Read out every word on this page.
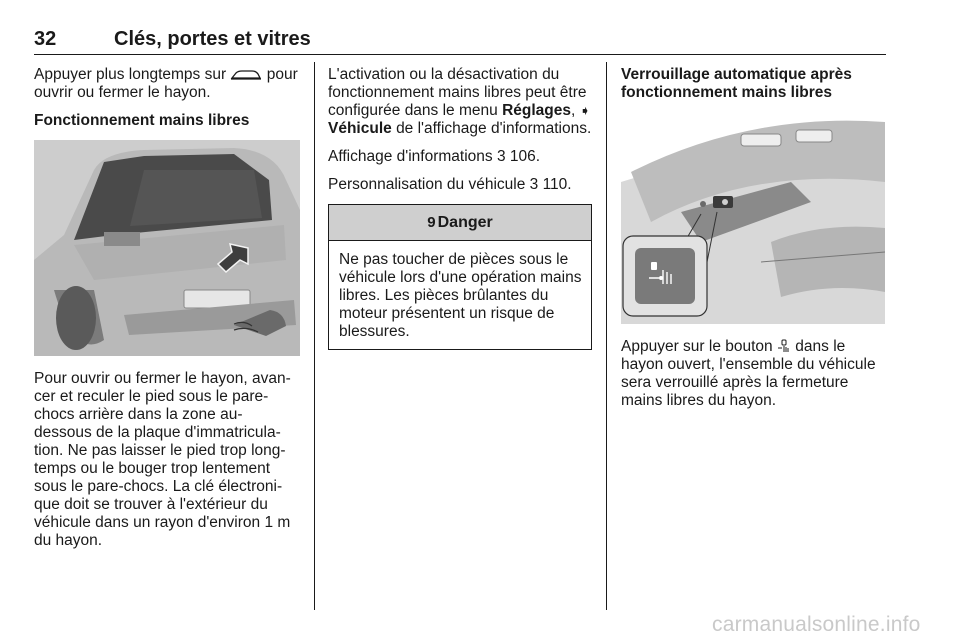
32	Clés, portes et vitres

Appuyer plus longtemps sur	pour ouvrir ou fermer le hayon.

Fonctionnement mains libres

Pour ouvrir ou fermer le hayon, avancer et reculer le pied sous le pare-chocs arrière dans la zone au-dessous de la plaque d'immatriculation. Ne pas laisser le pied trop longtemps ou le bouger trop lentement sous le pare-chocs. La clé électronique doit se trouver à l'extérieur du véhicule dans un rayon d'environ 1 m du hayon.

L'activation ou la désactivation du fonctionnement mains libres peut être configurée dans le menu Réglages, ➧ Véhicule de l'affichage d'informations.

Affichage d'informations 3 106.

Personnalisation du véhicule 3 110.

9 Danger
Ne pas toucher de pièces sous le véhicule lors d'une opération mains libres. Les pièces brûlantes du moteur présentent un risque de blessures.

Verrouillage automatique après fonctionnement mains libres

Appuyer sur le bouton dans le hayon ouvert, l'ensemble du véhicule sera verrouillé après la fermeture mains libres du hayon.

carmanualsonline.info
